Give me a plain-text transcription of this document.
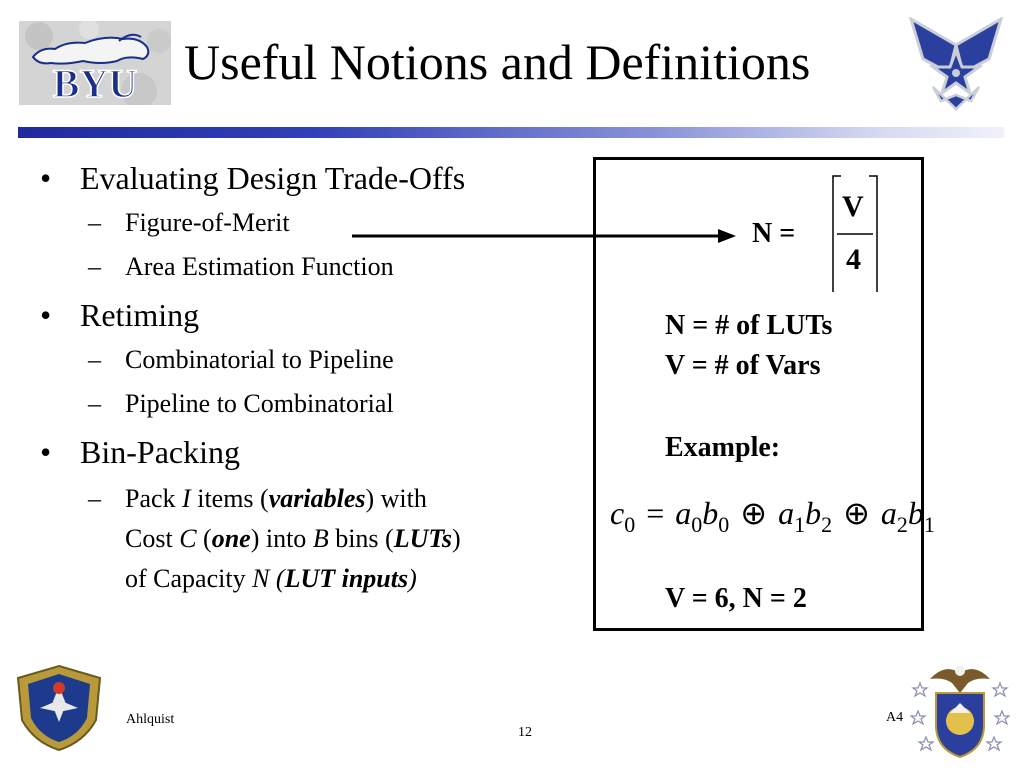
BYU Useful Notions and Definitions
• Evaluating Design Trade-Offs
– Figure-of-Merit
– Area Estimation Function
• Retiming
– Combinatorial to Pipeline
– Pipeline to Combinatorial
• Bin-Packing
– Pack I items (variables) with
Cost C (one) into B bins (LUTs)
of Capacity N (LUT inputs)
N =
V
4
N = # of LUTs
V = # of Vars
Example:
$c_0 = a_0b_0$ ⊕ $a_1b_2$ ⊕ $a_2b_1$
V = 6, N = 2
Ahlquist
12
A4
